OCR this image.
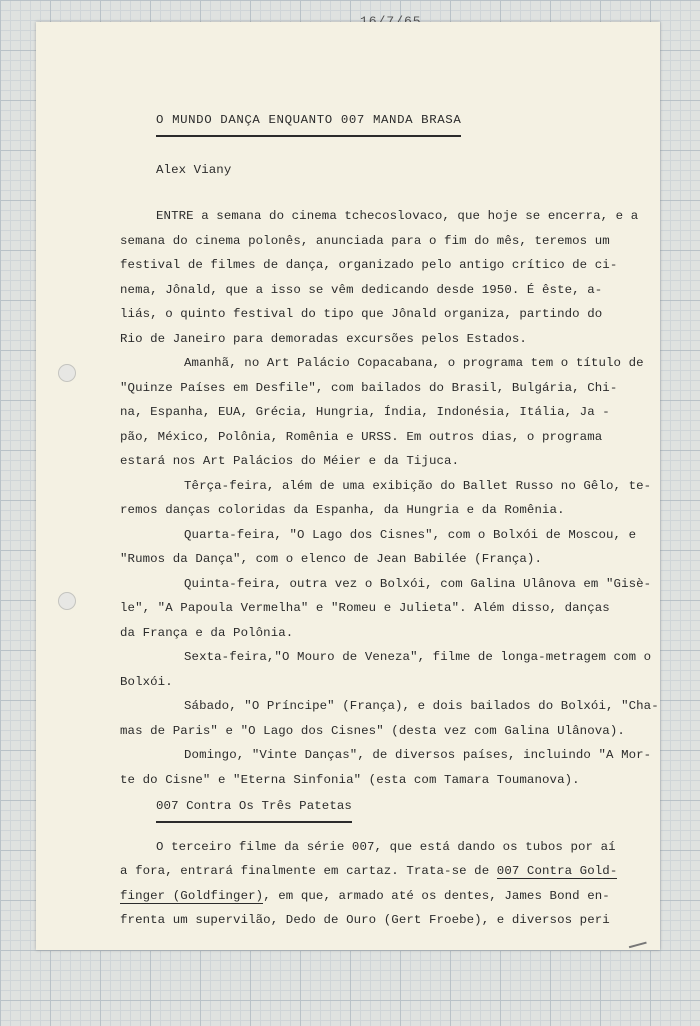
O MUNDO DANÇA ENQUANTO 007 MANDA BRASA
Alex Viany

ENTRE a semana do cinema tchecoslovaco, que hoje se encerra, e a
semana do cinema polonês, anunciada para o fim do mês, teremos um
festival de filmes de dança, organizado pelo antigo crítico de ci-
nema, Jônald, que a isso se vêm dedicando desde 1950. É êste, a-
liás, o quinto festival do tipo que Jônald organiza, partindo do
Rio de Janeiro para demoradas excursões pelos Estados.

Amanhã, no Art Palácio Copacabana, o programa tem o título de
"Quinze Países em Desfile", com bailados do Brasil, Bulgária, Chi-
na, Espanha, EUA, Grécia, Hungria, Índia, Indonésia, Itália, Ja -
pão, México, Polônia, Romênia e URSS. Em outros dias, o programa
estará nos Art Palácios do Méier e da Tijuca.

Têrça-feira, além de uma exibição do Ballet Russo no Gêlo, te-
remos danças coloridas da Espanha, da Hungria e da Romênia.

Quarta-feira, "O Lago dos Cisnes", com o Bolxói de Moscou, e
"Rumos da Dança", com o elenco de Jean Babilée (França).

Quinta-feira, outra vez o Bolxói, com Galina Ulânova em "Gisè-
le", "A Papoula Vermelha" e "Romeu e Julieta". Além disso, danças
da França e da Polônia.

Sexta-feira,"O Mouro de Veneza", filme de longa-metragem com o
Bolxói.

Sábado, "O Príncipe" (França), e dois bailados do Bolxói, "Cha-
mas de Paris" e "O Lago dos Cisnes" (desta vez com Galina Ulânova).

Domingo, "Vinte Danças", de diversos países, incluindo "A Mor-
te do Cisne" e "Eterna Sinfonia" (esta com Tamara Toumanova).

007 Contra Os Três Patetas

O terceiro filme da série 007, que está dando os tubos por aí
a fora, entrará finalmente em cartaz. Trata-se de 007 Contra Gold-
finger (Goldfinger), em que, armado até os dentes, James Bond en-
frenta um supervilão, Dedo de Ouro (Gert Froebe), e diversos peri
